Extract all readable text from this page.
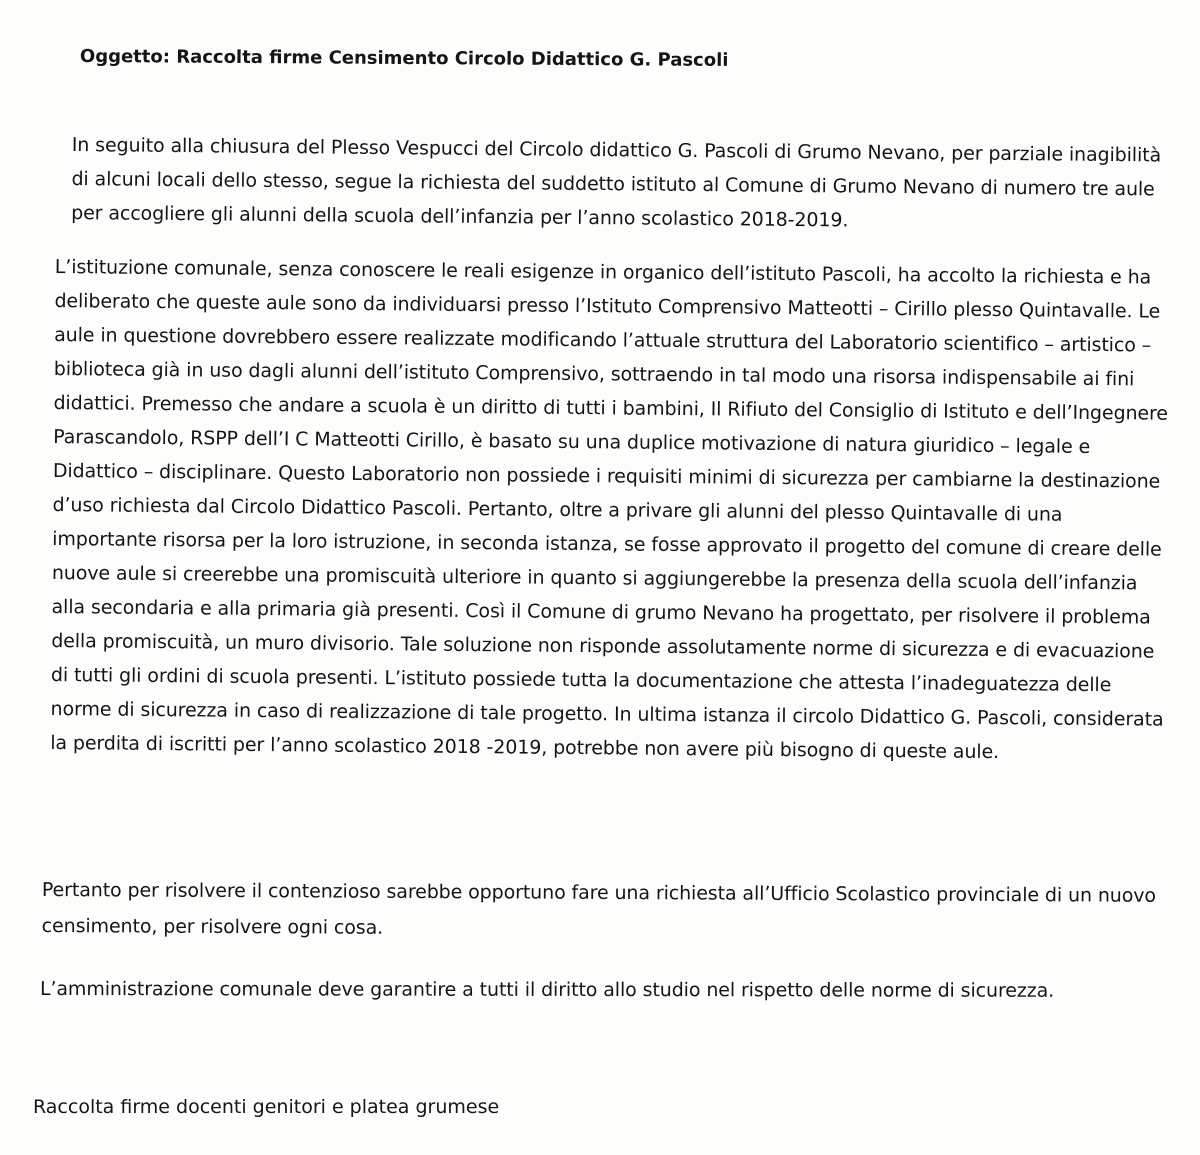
Oggetto: Raccolta firme Censimento Circolo Didattico G. Pascoli

In seguito alla chiusura del Plesso Vespucci del Circolo didattico G. Pascoli di Grumo Nevano, per parziale inagibilità di alcuni locali dello stesso, segue la richiesta del suddetto istituto al Comune di Grumo Nevano di numero tre aule per accogliere gli alunni della scuola dell’infanzia per l’anno scolastico 2018-2019.

L’istituzione comunale, senza conoscere le reali esigenze in organico dell’istituto Pascoli, ha accolto la richiesta e ha deliberato che queste aule sono da individuarsi presso l’Istituto Comprensivo Matteotti – Cirillo plesso Quintavalle. Le aule in questione dovrebbero essere realizzate modificando l’attuale struttura del Laboratorio scientifico – artistico – biblioteca già in uso dagli alunni dell’istituto Comprensivo, sottraendo in tal modo una risorsa indispensabile ai fini didattici. Premesso che andare a scuola è un diritto di tutti i bambini, Il Rifiuto del Consiglio di Istituto e dell’Ingegnere Parascandolo, RSPP dell’I C Matteotti Cirillo, è basato su una duplice motivazione di natura giuridico – legale e Didattico – disciplinare. Questo Laboratorio non possiede i requisiti minimi di sicurezza per cambiarne la destinazione d’uso richiesta dal Circolo Didattico Pascoli. Pertanto, oltre a privare gli alunni del plesso Quintavalle di una importante risorsa per la loro istruzione, in seconda istanza, se fosse approvato il progetto del comune di creare delle nuove aule si creerebbe una promiscuità ulteriore in quanto si aggiungerebbe la presenza della scuola dell’infanzia alla secondaria e alla primaria già presenti. Così il Comune di grumo Nevano ha progettato, per risolvere il problema della promiscuità, un muro divisorio. Tale soluzione non risponde assolutamente norme di sicurezza e di evacuazione di tutti gli ordini di scuola presenti. L’istituto possiede tutta la documentazione che attesta l’inadeguatezza delle norme di sicurezza in caso di realizzazione di tale progetto. In ultima istanza il circolo Didattico G. Pascoli, considerata la perdita di iscritti per l’anno scolastico 2018 -2019, potrebbe non avere più bisogno di queste aule.

Pertanto per risolvere il contenzioso sarebbe opportuno fare una richiesta all’Ufficio Scolastico provinciale di un nuovo censimento, per risolvere ogni cosa.

L’amministrazione comunale deve garantire a tutti il diritto allo studio nel rispetto delle norme di sicurezza.

Raccolta firme docenti genitori e platea grumese
